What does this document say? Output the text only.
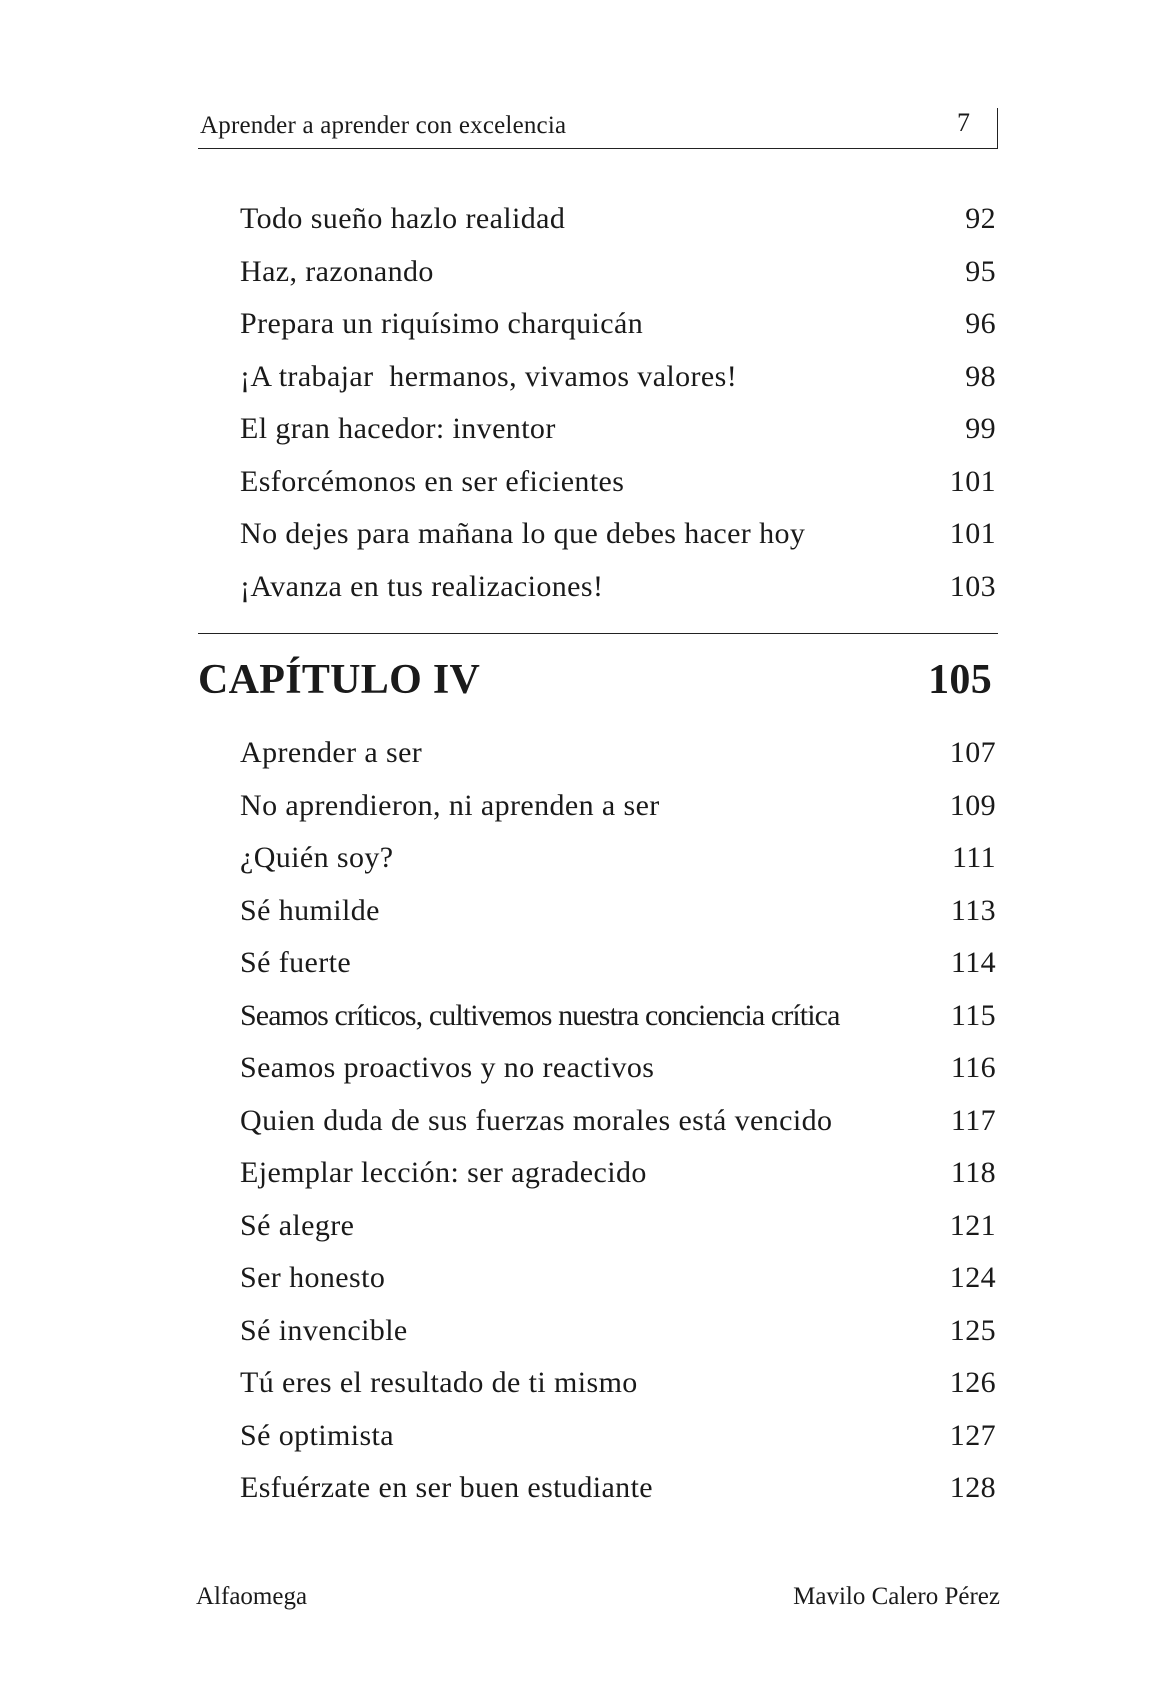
Aprender a aprender con excelencia	7
Todo sueño hazlo realidad	92
Haz, razonando	95
Prepara un riquísimo charquicán	96
¡A trabajar  hermanos, vivamos valores!	98
El gran hacedor: inventor	99
Esforcémonos en ser eficientes	101
No dejes para mañana lo que debes hacer hoy	101
¡Avanza en tus realizaciones!	103
CAPÍTULO IV	105
Aprender a ser	107
No aprendieron, ni aprenden a ser	109
¿Quién soy?	111
Sé humilde	113
Sé fuerte	114
Seamos críticos, cultivemos nuestra conciencia crítica	115
Seamos proactivos y no reactivos	116
Quien duda de sus fuerzas morales está vencido	117
Ejemplar lección: ser agradecido	118
Sé alegre	121
Ser honesto	124
Sé invencible	125
Tú eres el resultado de ti mismo	126
Sé optimista	127
Esfuérzate en ser buen estudiante	128
Alfaomega	Mavilo Calero Pérez
